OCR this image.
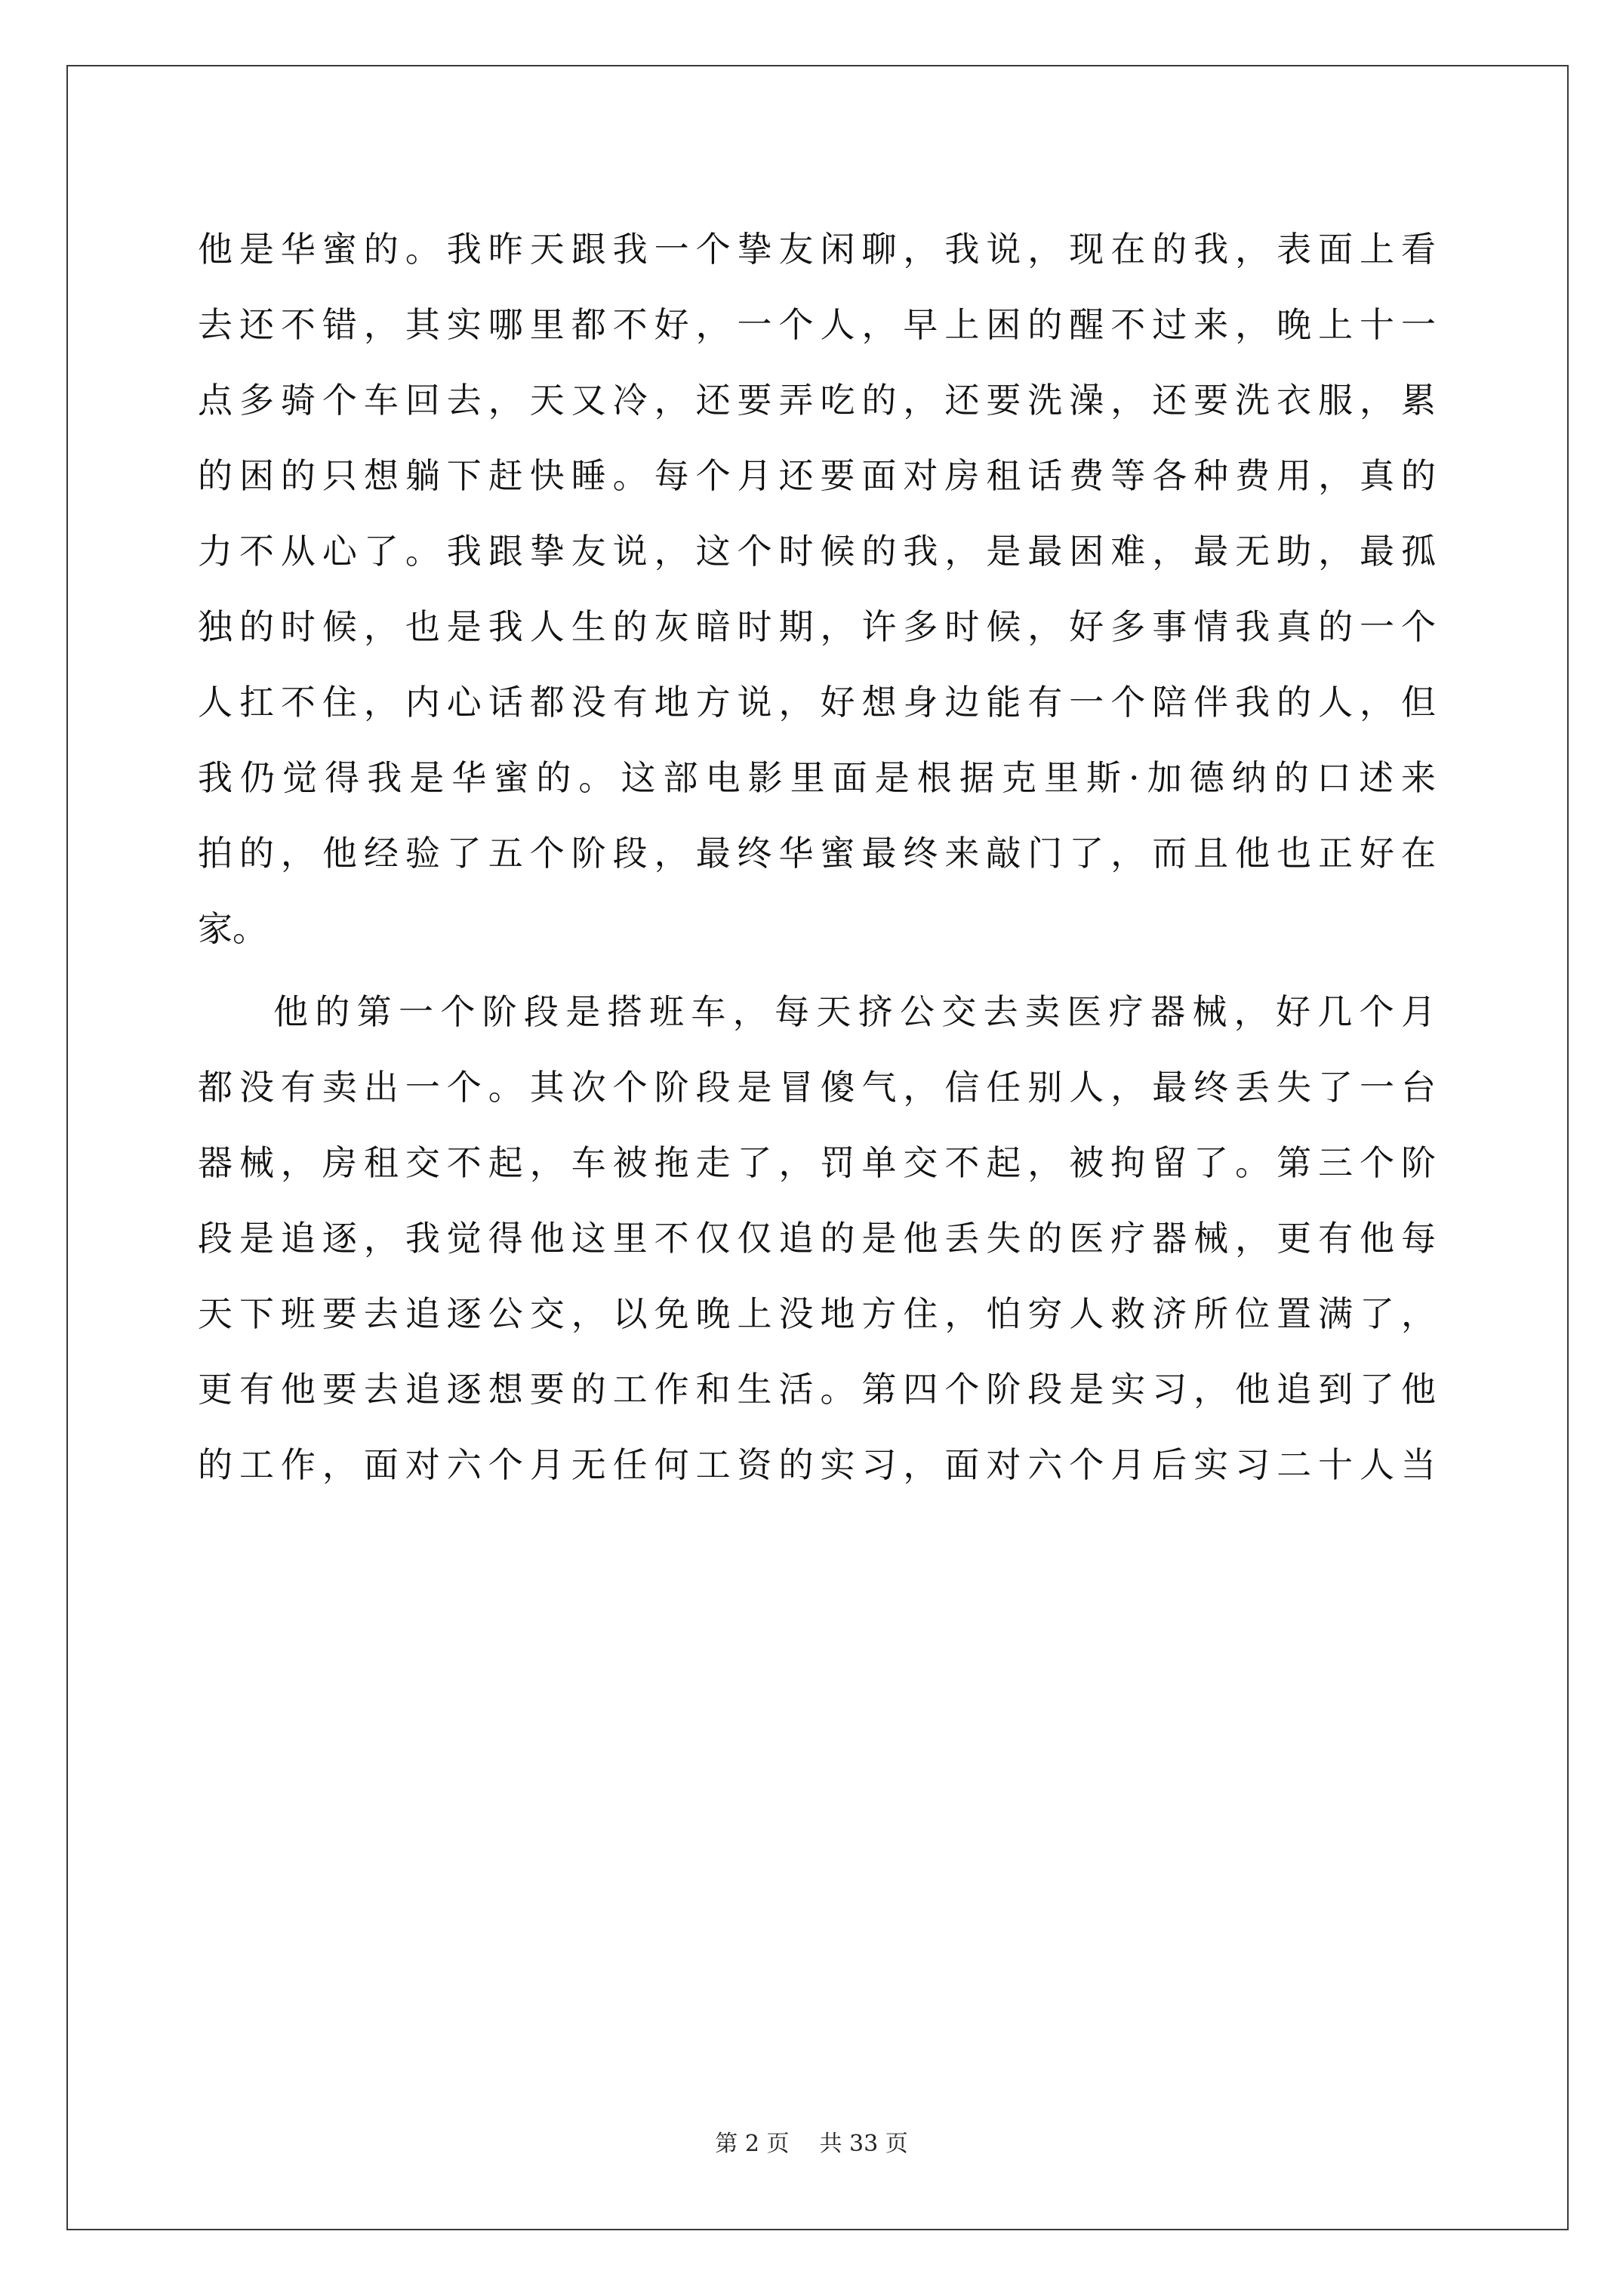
他是华蜜的。我昨天跟我一个挚友闲聊，我说，现在的我，表面上看
去还不错，其实哪里都不好，一个人，早上困的醒不过来，晚上十一
点多骑个车回去，天又冷，还要弄吃的，还要洗澡，还要洗衣服，累
的困的只想躺下赶快睡。每个月还要面对房租话费等各种费用，真的
力不从心了。我跟挚友说，这个时候的我，是最困难，最无助，最孤
独的时候，也是我人生的灰暗时期，许多时候，好多事情我真的一个
人扛不住，内心话都没有地方说，好想身边能有一个陪伴我的人，但
我仍觉得我是华蜜的。这部电影里面是根据克里斯·加德纳的口述来
拍的，他经验了五个阶段，最终华蜜最终来敲门了，而且他也正好在
家。
他的第一个阶段是搭班车，每天挤公交去卖医疗器械，好几个月
都没有卖出一个。其次个阶段是冒傻气，信任别人，最终丢失了一台
器械，房租交不起，车被拖走了，罚单交不起，被拘留了。第三个阶
段是追逐，我觉得他这里不仅仅追的是他丢失的医疗器械，更有他每
天下班要去追逐公交，以免晚上没地方住，怕穷人救济所位置满了，
更有他要去追逐想要的工作和生活。第四个阶段是实习，他追到了他
的工作，面对六个月无任何工资的实习，面对六个月后实习二十人当
第 2 页 共 33 页
